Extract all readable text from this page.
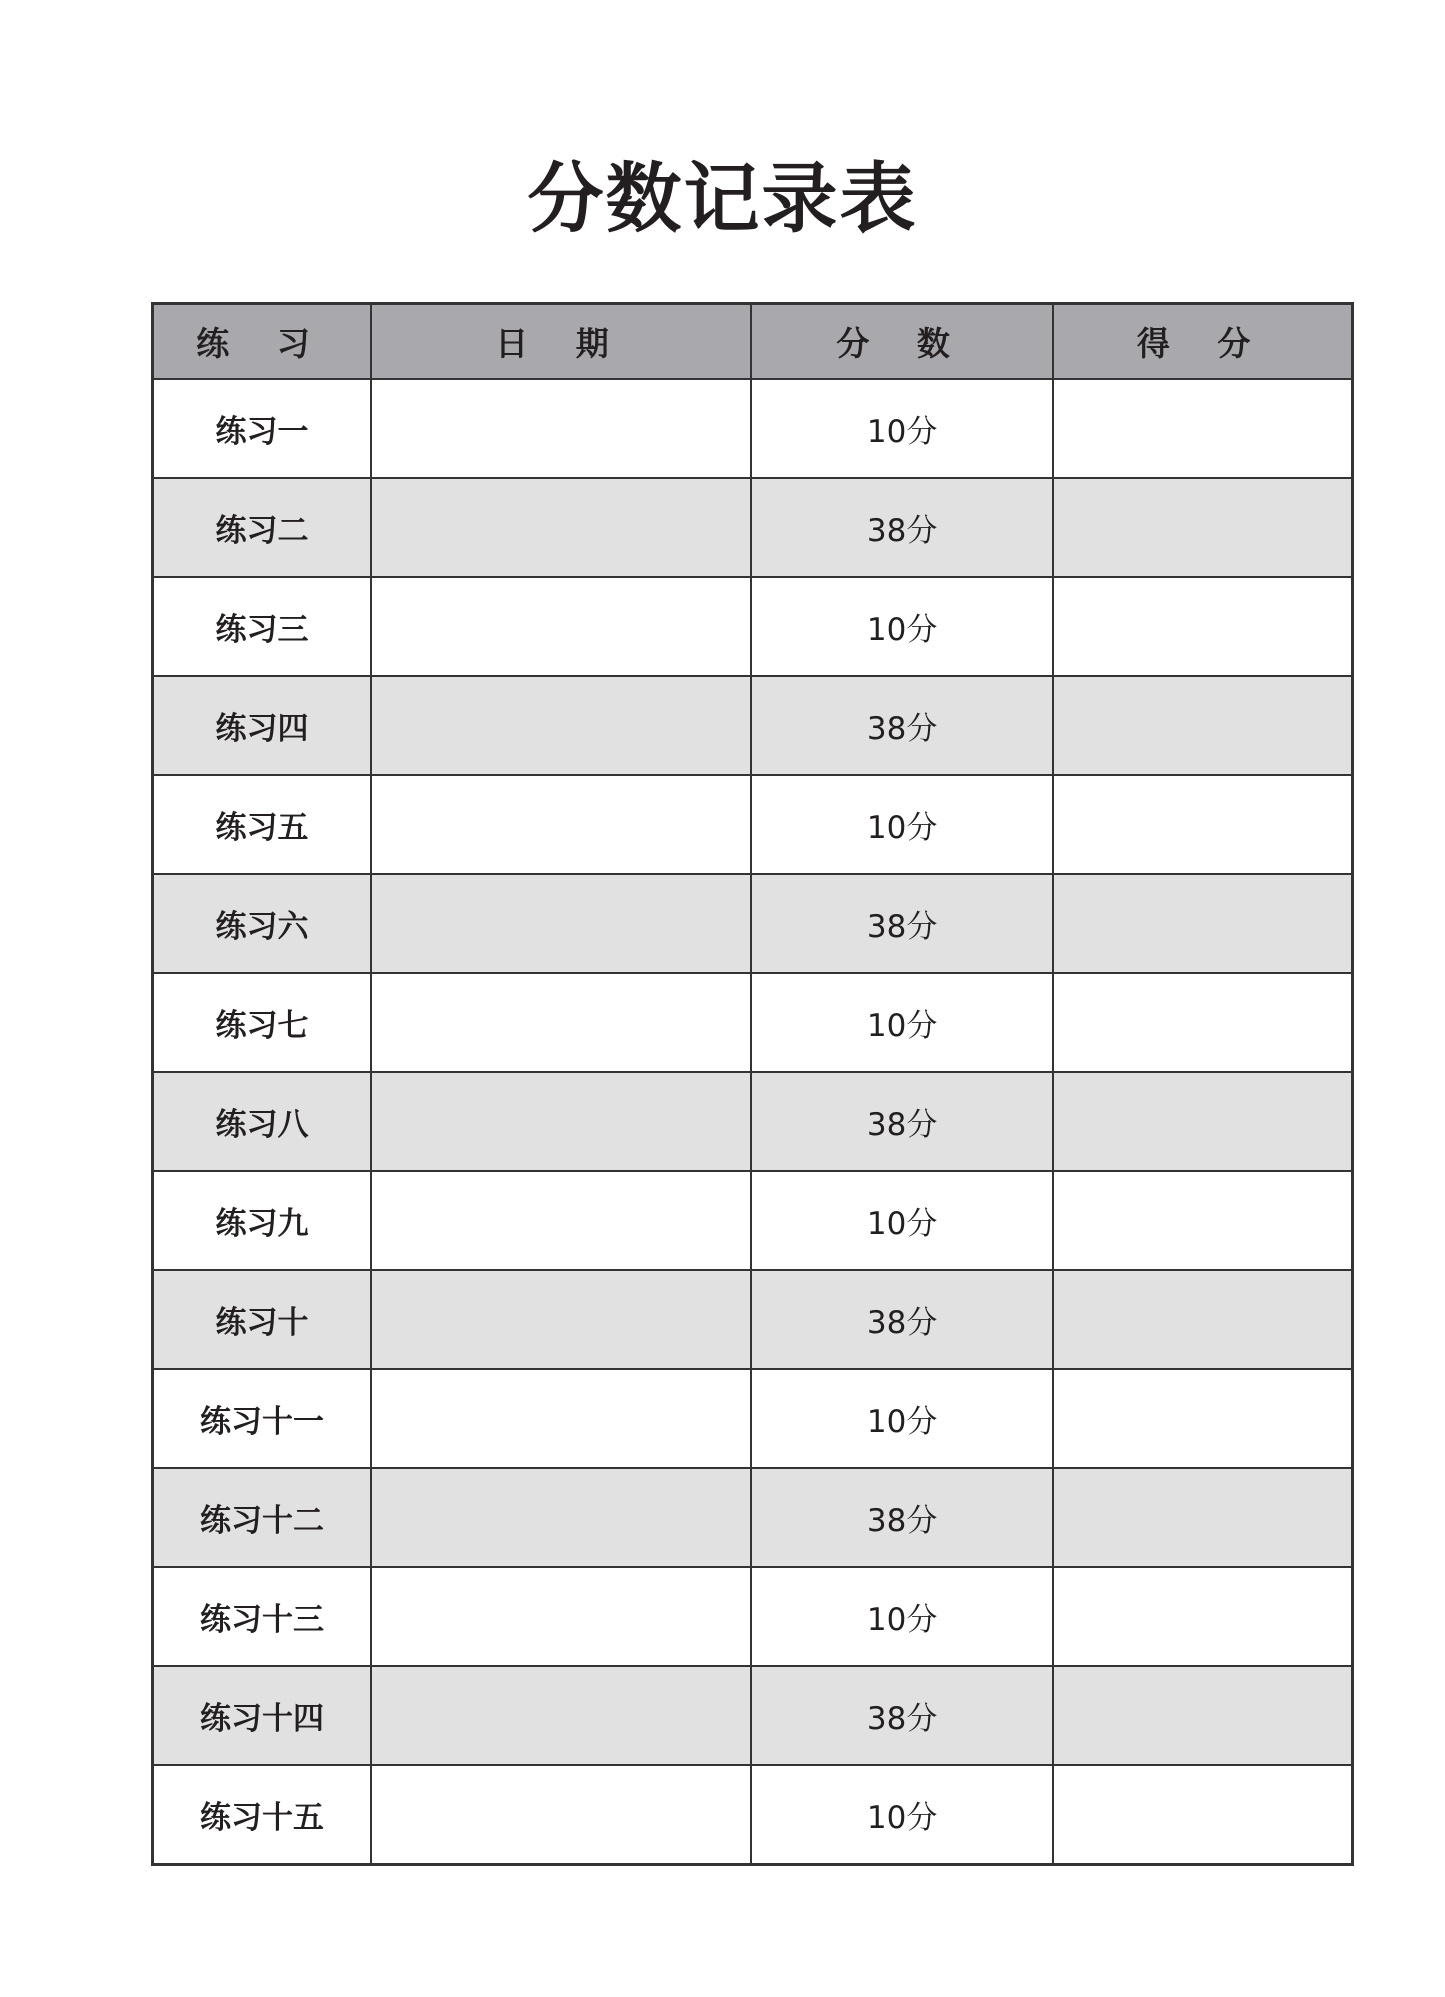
分数记录表
练 习	日 期	分 数	得 分
练习一		10分	
练习二		38分	
练习三		10分	
练习四		38分	
练习五		10分	
练习六		38分	
练习七		10分	
练习八		38分	
练习九		10分	
练习十		38分	
练习十一		10分	
练习十二		38分	
练习十三		10分	
练习十四		38分	
练习十五		10分	
